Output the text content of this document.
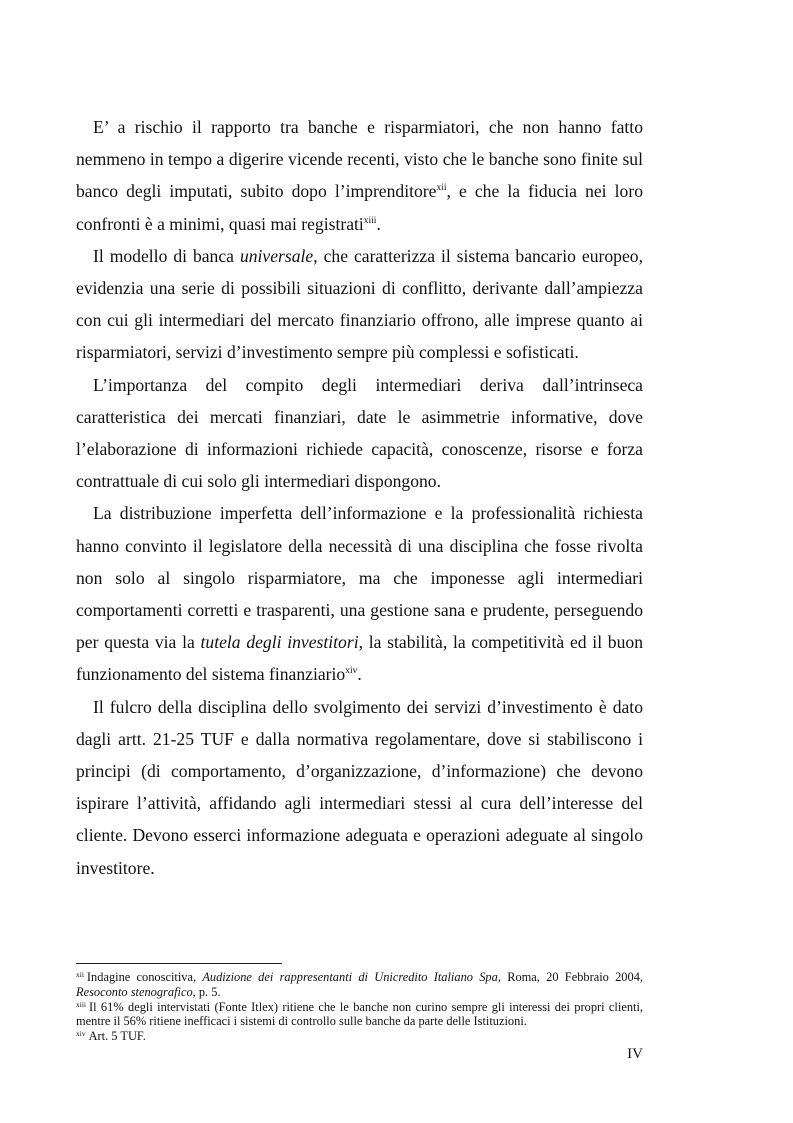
E’ a rischio il rapporto tra banche e risparmiatori, che non hanno fatto nemmeno in tempo a digerire vicende recenti, visto che le banche sono finite sul banco degli imputati, subito dopo l’imprenditore$^{xii}$, e che la fiducia nei loro confronti è a minimi, quasi mai registrati$^{xiii}$.

Il modello di banca universale, che caratterizza il sistema bancario europeo, evidenzia una serie di possibili situazioni di conflitto, derivante dall’ampiezza con cui gli intermediari del mercato finanziario offrono, alle imprese quanto ai risparmiatori, servizi d’investimento sempre più complessi e sofisticati.

L’importanza del compito degli intermediari deriva dall’intrinseca caratteristica dei mercati finanziari, date le asimmetrie informative, dove l’elaborazione di informazioni richiede capacità, conoscenze, risorse e forza contrattuale di cui solo gli intermediari dispongono.

La distribuzione imperfetta dell’informazione e la professionalità richiesta hanno convinto il legislatore della necessità di una disciplina che fosse rivolta non solo al singolo risparmiatore, ma che imponesse agli intermediari comportamenti corretti e trasparenti, una gestione sana e prudente, perseguendo per questa via la tutela degli investitori, la stabilità, la competitività ed il buon funzionamento del sistema finanziario$^{xiv}$.

Il fulcro della disciplina dello svolgimento dei servizi d’investimento è dato dagli artt. 21-25 TUF e dalla normativa regolamentare, dove si stabiliscono i principi (di comportamento, d’organizzazione, d’informazione) che devono ispirare l’attività, affidando agli intermediari stessi al cura dell’interesse del cliente. Devono esserci informazione adeguata e operazioni adeguate al singolo investitore.

$^{xii}$ Indagine conoscitiva, Audizione dei rappresentanti di Unicredito Italiano Spa, Roma, 20 Febbraio 2004, Resoconto stenografico, p. 5.

$^{xiii}$ Il 61% degli intervistati (Fonte Itlex) ritiene che le banche non curino sempre gli interessi dei propri clienti, mentre il 56% ritiene inefficaci i sistemi di controllo sulle banche da parte delle Istituzioni.

$^{xiv}$ Art. 5 TUF.

IV
